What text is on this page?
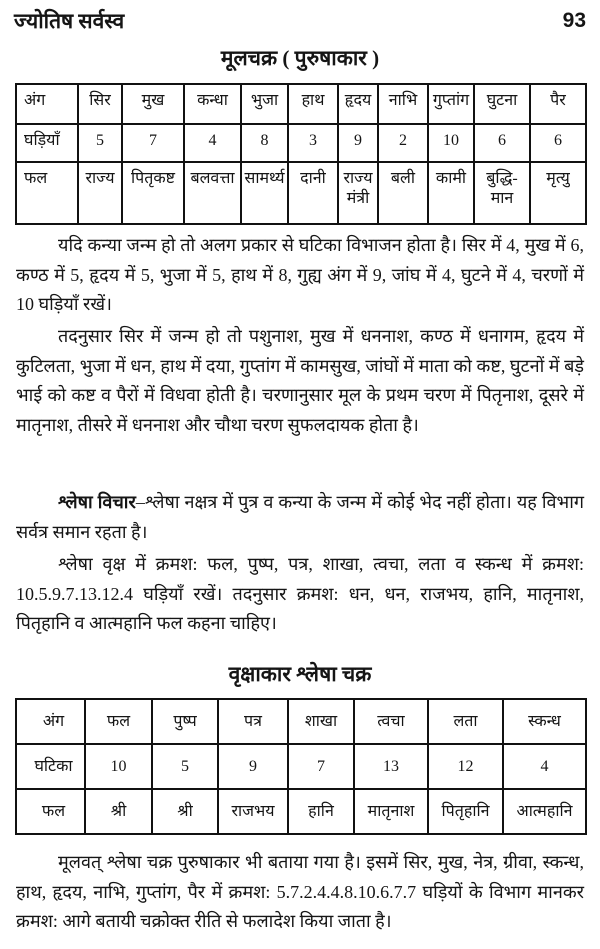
ज्योतिष सर्वस्व	93
मूलचक्र ( पुरुषाकार )
अंग	सिर	मुख	कन्धा	भुजा	हाथ	हृदय	नाभि	गुप्तांग	घुटना	पैर
घड़ियाँ	5	7	4	8	3	9	2	10	6	6
फल	राज्य	पितृकष्ट	बलवत्ता	सामर्थ्य	दानी	राज्य मंत्री	बली	कामी	बुद्धि-मान	मृत्यु

यदि कन्या जन्म हो तो अलग प्रकार से घटिका विभाजन होता है। सिर में 4, मुख में 6, कण्ठ में 5, हृदय में 5, भुजा में 5, हाथ में 8, गुह्य अंग में 9, जांघ में 4, घुटने में 4, चरणों में 10 घड़ियाँ रखें।

तदनुसार सिर में जन्म हो तो पशुनाश, मुख में धननाश, कण्ठ में धनागम, हृदय में कुटिलता, भुजा में धन, हाथ में दया, गुप्तांग में कामसुख, जांघों में माता को कष्ट, घुटनों में बड़े भाई को कष्ट व पैरों में विधवा होती है। चरणानुसार मूल के प्रथम चरण में पितृनाश, दूसरे में मातृनाश, तीसरे में धननाश और चौथा चरण सुफलदायक होता है।

श्लेषा विचार–श्लेषा नक्षत्र में पुत्र व कन्या के जन्म में कोई भेद नहीं होता। यह विभाग सर्वत्र समान रहता है।

श्लेषा वृक्ष में क्रमश: फल, पुष्प, पत्र, शाखा, त्वचा, लता व स्कन्ध में क्रमश: 10.5.9.7.13.12.4 घड़ियाँ रखें। तदनुसार क्रमश: धन, धन, राजभय, हानि, मातृनाश, पितृहानि व आत्महानि फल कहना चाहिए।

वृक्षाकार श्लेषा चक्र
अंग	फल	पुष्प	पत्र	शाखा	त्वचा	लता	स्कन्ध
घटिका	10	5	9	7	13	12	4
फल	श्री	श्री	राजभय	हानि	मातृनाश	पितृहानि	आत्महानि

मूलवत् श्लेषा चक्र पुरुषाकार भी बताया गया है। इसमें सिर, मुख, नेत्र, ग्रीवा, स्कन्ध, हाथ, हृदय, नाभि, गुप्तांग, पैर में क्रमश: 5.7.2.4.4.8.10.6.7.7 घड़ियों के विभाग मानकर क्रमश: आगे बतायी चक्रोक्त रीति से फलादेश किया जाता है।
